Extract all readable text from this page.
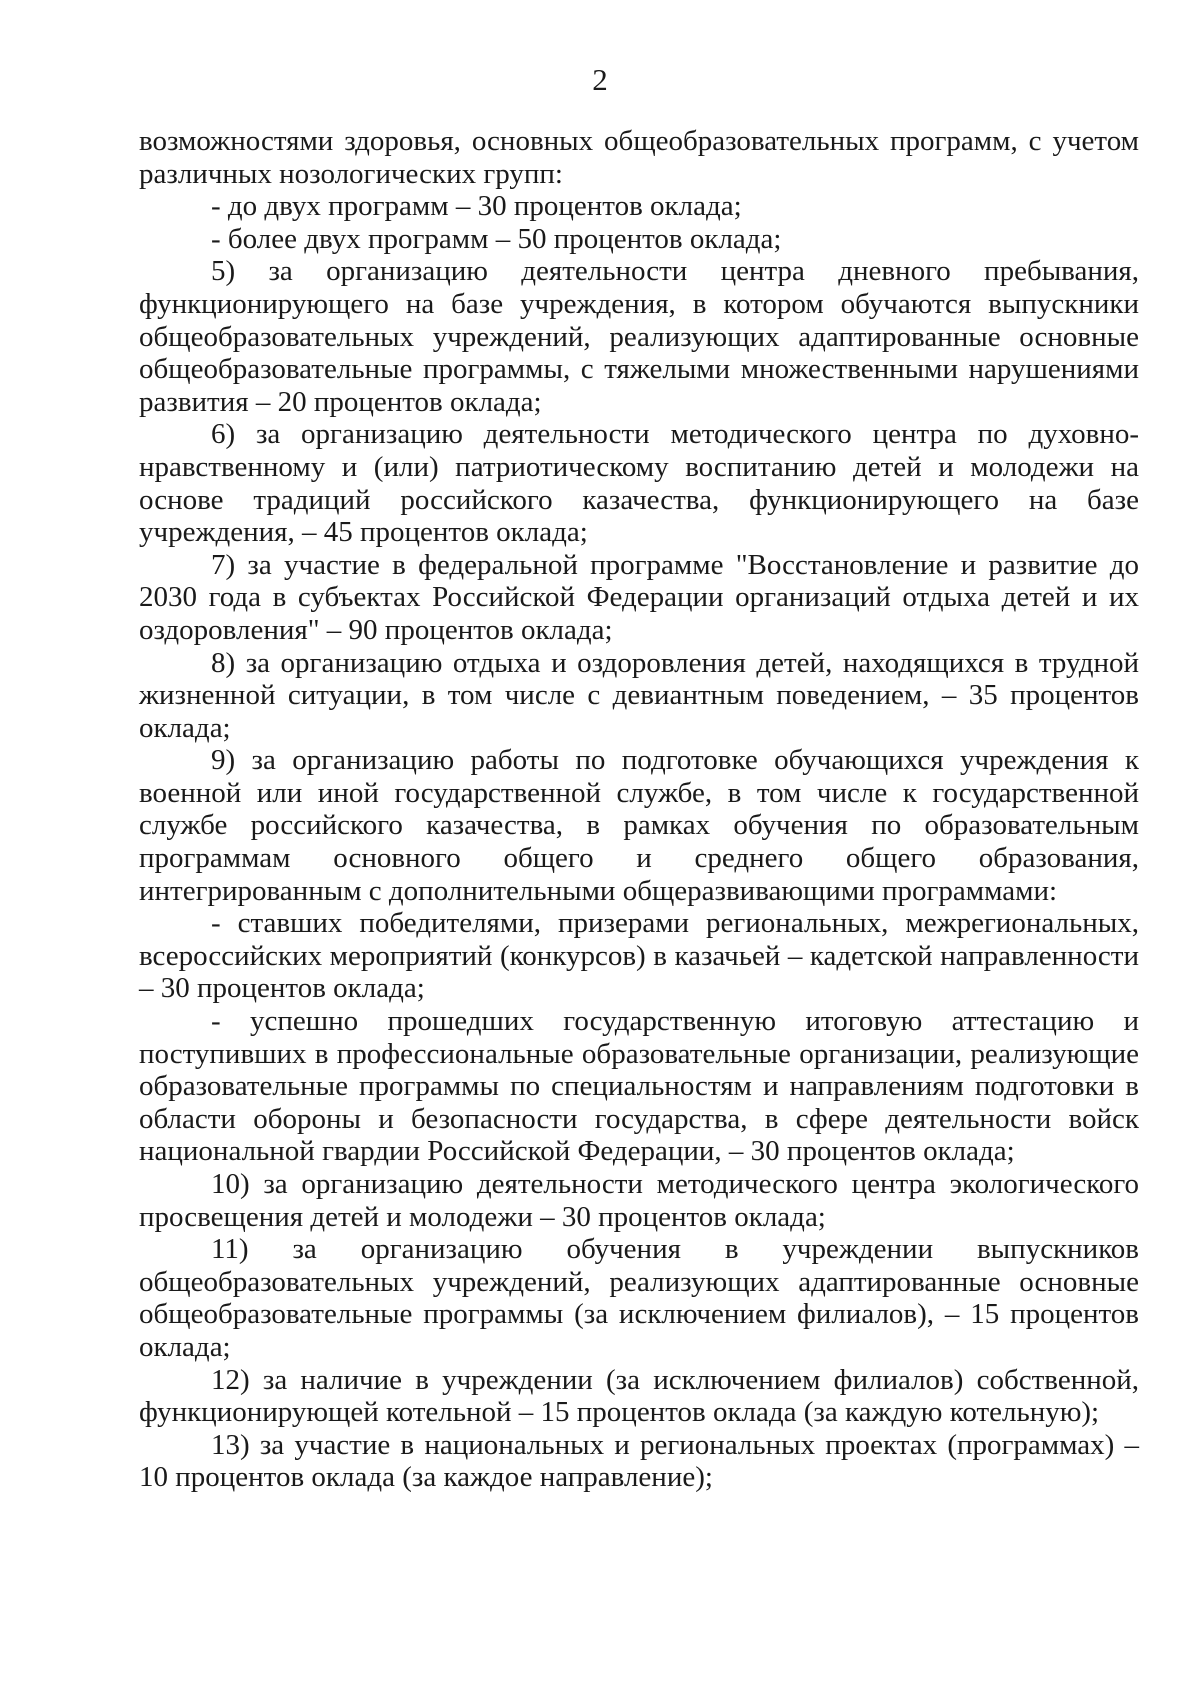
2

возможностями здоровья, основных общеобразовательных программ, с учетом различных нозологических групп:

- до двух программ – 30 процентов оклада;

- более двух программ – 50 процентов оклада;

5) за организацию деятельности центра дневного пребывания, функционирующего на базе учреждения, в котором обучаются выпускники общеобразовательных учреждений, реализующих адаптированные основные общеобразовательные программы, с тяжелыми множественными нарушениями развития – 20 процентов оклада;

6) за организацию деятельности методического центра по духовно-нравственному и (или) патриотическому воспитанию детей и молодежи на основе традиций российского казачества, функционирующего на базе учреждения, – 45 процентов оклада;

7) за участие в федеральной программе "Восстановление и развитие до 2030 года в субъектах Российской Федерации организаций отдыха детей и их оздоровления" – 90 процентов оклада;

8) за организацию отдыха и оздоровления детей, находящихся в трудной жизненной ситуации, в том числе с девиантным поведением, – 35 процентов оклада;

9) за организацию работы по подготовке обучающихся учреждения к военной или иной государственной службе, в том числе к государственной службе российского казачества, в рамках обучения по образовательным программам основного общего и среднего общего образования, интегрированным с дополнительными общеразвивающими программами:

- ставших победителями, призерами региональных, межрегиональных, всероссийских мероприятий (конкурсов) в казачьей – кадетской направленности – 30 процентов оклада;

- успешно прошедших государственную итоговую аттестацию и поступивших в профессиональные образовательные организации, реализующие образовательные программы по специальностям и направлениям подготовки в области обороны и безопасности государства, в сфере деятельности войск национальной гвардии Российской Федерации, – 30 процентов оклада;

10) за организацию деятельности методического центра экологического просвещения детей и молодежи – 30 процентов оклада;

11) за организацию обучения в учреждении выпускников общеобразовательных учреждений, реализующих адаптированные основные общеобразовательные программы (за исключением филиалов), – 15 процентов оклада;

12) за наличие в учреждении (за исключением филиалов) собственной, функционирующей котельной – 15 процентов оклада (за каждую котельную);

13) за участие в национальных и региональных проектах (программах) – 10 процентов оклада (за каждое направление);
